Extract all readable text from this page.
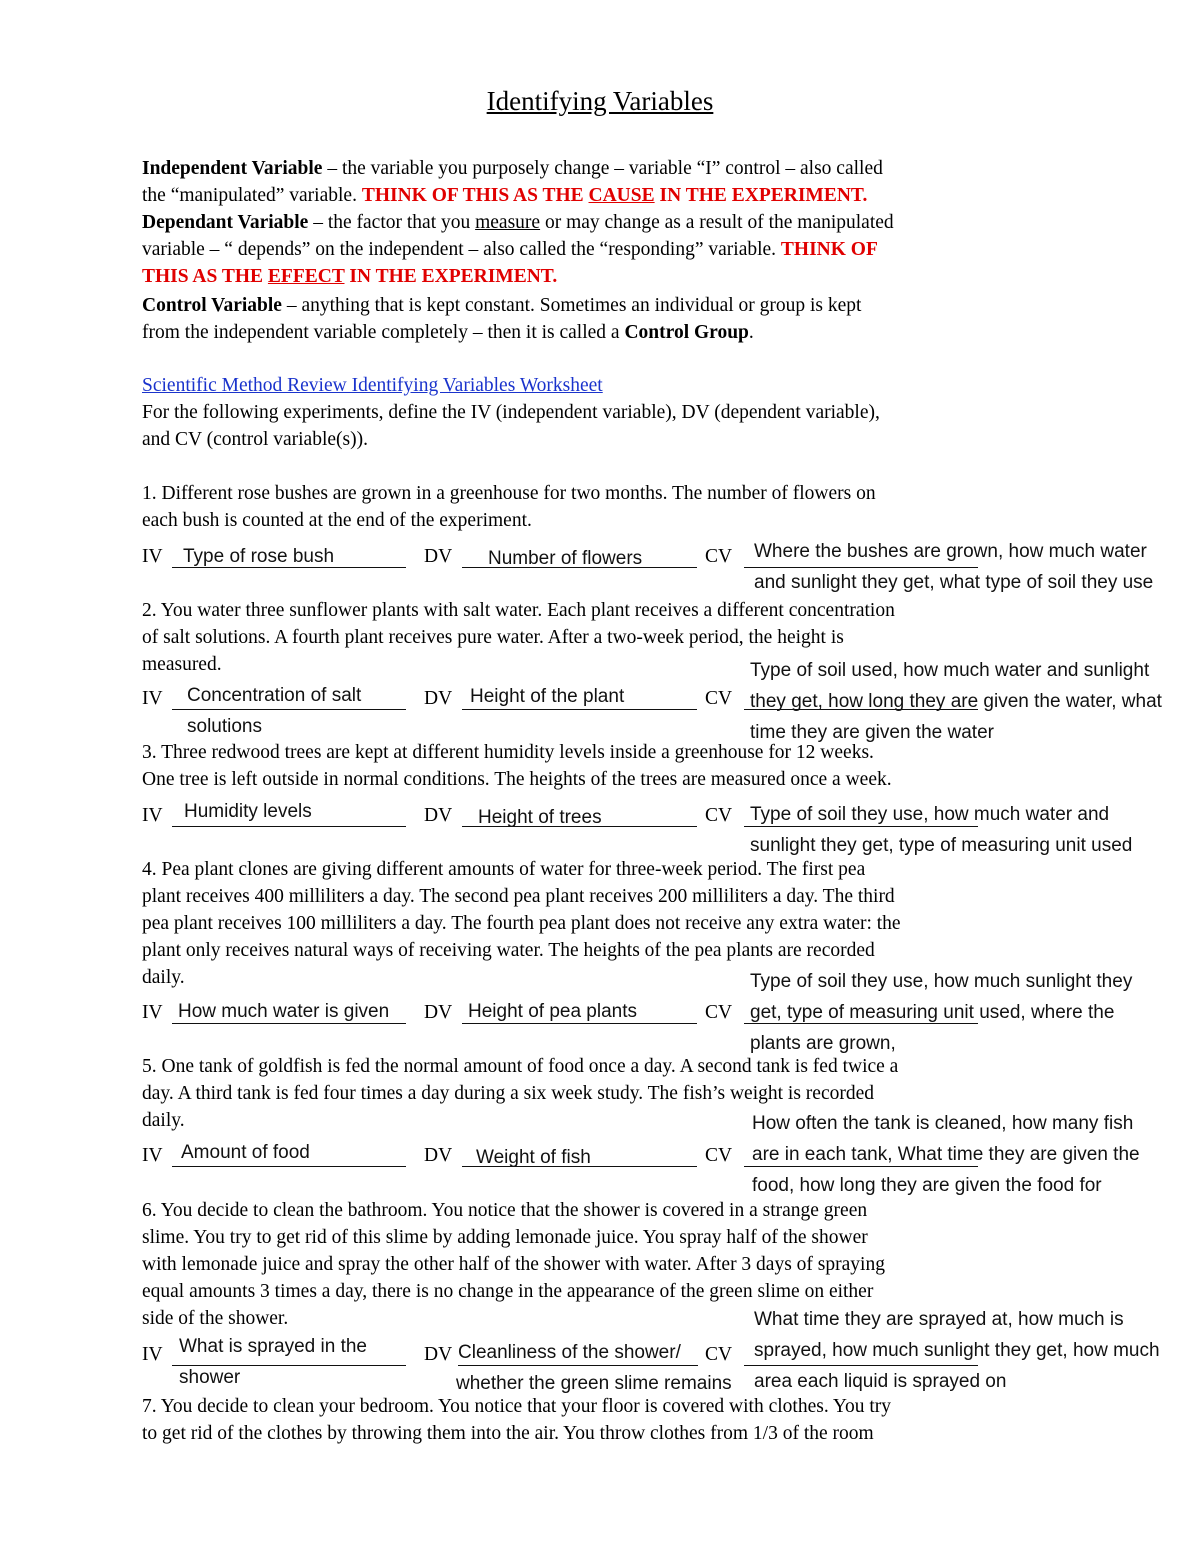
Identifying Variables
Independent Variable – the variable you purposely change – variable “I” control – also called
the “manipulated” variable. THINK OF THIS AS THE CAUSE IN THE EXPERIMENT.
Dependant Variable – the factor that you measure or may change as a result of the manipulated
variable – “ depends” on the independent – also called the “responding” variable. THINK OF
THIS AS THE EFFECT IN THE EXPERIMENT.
Control Variable – anything that is kept constant. Sometimes an individual or group is kept
from the independent variable completely – then it is called a Control Group.
Scientific Method Review Identifying Variables Worksheet
For the following experiments, define the IV (independent variable), DV (dependent variable),
and CV (control variable(s)).
1. Different rose bushes are grown in a greenhouse for two months. The number of flowers on
each bush is counted at the end of the experiment.
IV Type of rose bush	DV Number of flowers	CV Where the bushes are grown, how much water
and sunlight they get, what type of soil they use
2. You water three sunflower plants with salt water. Each plant receives a different concentration
of salt solutions. A fourth plant receives pure water. After a two-week period, the height is
measured.
IV Concentration of salt
solutions
DV Height of the plant	CV
Type of soil used, how much water and sunlight
they get, how long they are given the water, what
time they are given the water
3. Three redwood trees are kept at different humidity levels inside a greenhouse for 12 weeks.
One tree is left outside in normal conditions. The heights of the trees are measured once a week.
IV Humidity levels	DV Height of trees	CV Type of soil they use, how much water and
sunlight they get, type of measuring unit used
4. Pea plant clones are giving different amounts of water for three-week period. The first pea
plant receives 400 milliliters a day. The second pea plant receives 200 milliliters a day. The third
pea plant receives 100 milliliters a day. The fourth pea plant does not receive any extra water: the
plant only receives natural ways of receiving water. The heights of the pea plants are recorded
daily.
IV How much water is given DV Height of pea plants	CV
Type of soil they use, how much sunlight they
get, type of measuring unit used, where the
plants are grown,
5. One tank of goldfish is fed the normal amount of food once a day. A second tank is fed twice a
day. A third tank is fed four times a day during a six week study. The fish’s weight is recorded
daily.
IV Amount of food	DV Weight of fish	CV
How often the tank is cleaned, how many fish
are in each tank, What time they are given the
food, how long they are given the food for
6. You decide to clean the bathroom. You notice that the shower is covered in a strange green
slime. You try to get rid of this slime by adding lemonade juice. You spray half of the shower
with lemonade juice and spray the other half of the shower with water. After 3 days of spraying
equal amounts 3 times a day, there is no change in the appearance of the green slime on either
side of the shower.
IV What is sprayed in the
shower
DV Cleanliness of the shower/
whether the green slime remains
CV
What time they are sprayed at, how much is
sprayed, how much sunlight they get, how much
area each liquid is sprayed on
7. You decide to clean your bedroom. You notice that your floor is covered with clothes. You try
to get rid of the clothes by throwing them into the air. You throw clothes from 1/3 of the room
